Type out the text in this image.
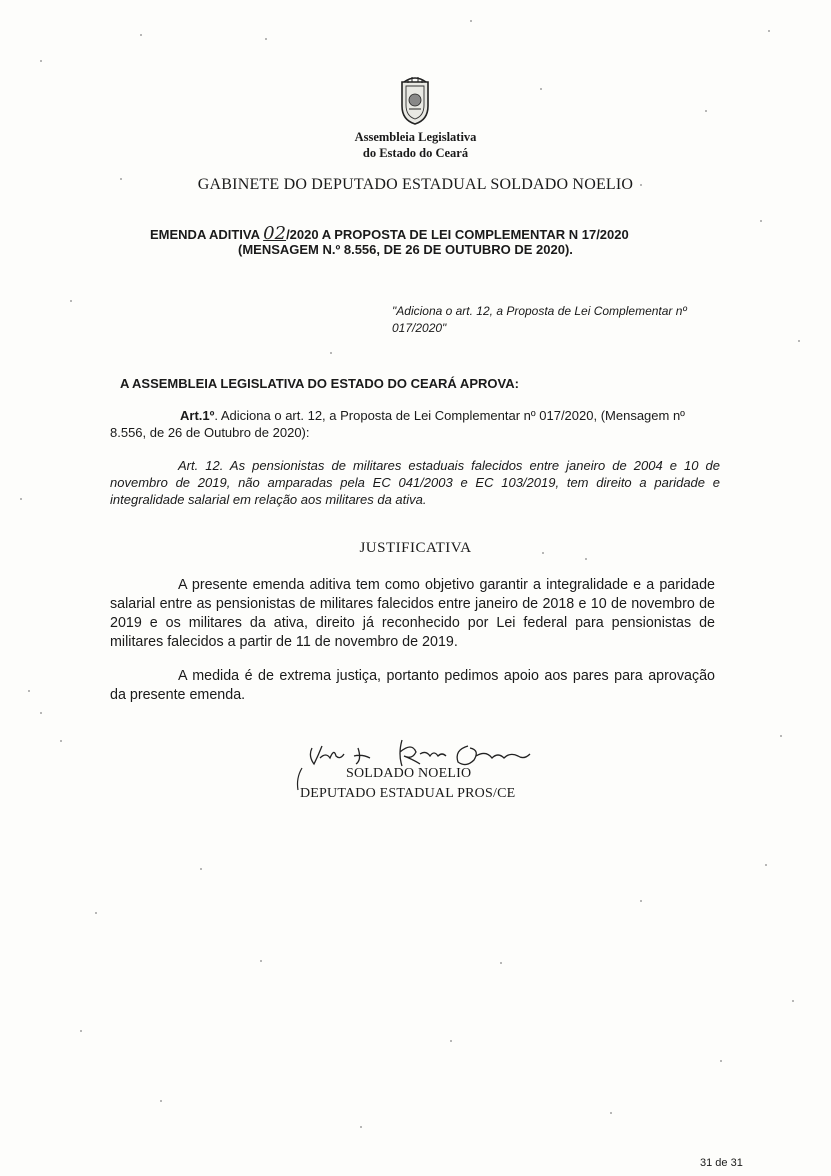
Assembleia Legislativa
do Estado do Ceará
GABINETE DO DEPUTADO ESTADUAL SOLDADO NOELIO
EMENDA ADITIVA 02/2020 A PROPOSTA DE LEI COMPLEMENTAR N 17/2020
(MENSAGEM N.º 8.556, DE 26 DE OUTUBRO DE 2020).
"Adiciona o art. 12, a Proposta de Lei Complementar nº 017/2020"
A ASSEMBLEIA LEGISLATIVA DO ESTADO DO CEARÁ APROVA:
Art.1º. Adiciona o art. 12, a Proposta de Lei Complementar nº 017/2020, (Mensagem nº 8.556, de 26 de Outubro de 2020):
Art. 12. As pensionistas de militares estaduais falecidos entre janeiro de 2004 e 10 de novembro de 2019, não amparadas pela EC 041/2003 e EC 103/2019, tem direito a paridade e integralidade salarial em relação aos militares da ativa.
JUSTIFICATIVA
A presente emenda aditiva tem como objetivo garantir a integralidade e a paridade salarial entre as pensionistas de militares falecidos entre janeiro de 2018 e 10 de novembro de 2019 e os militares da ativa, direito já reconhecido por Lei federal para pensionistas de militares falecidos a partir de 11 de novembro de 2019.
A medida é de extrema justiça, portanto pedimos apoio aos pares para aprovação da presente emenda.
SOLDADO NOELIO
DEPUTADO ESTADUAL PROS/CE
31 de 31
